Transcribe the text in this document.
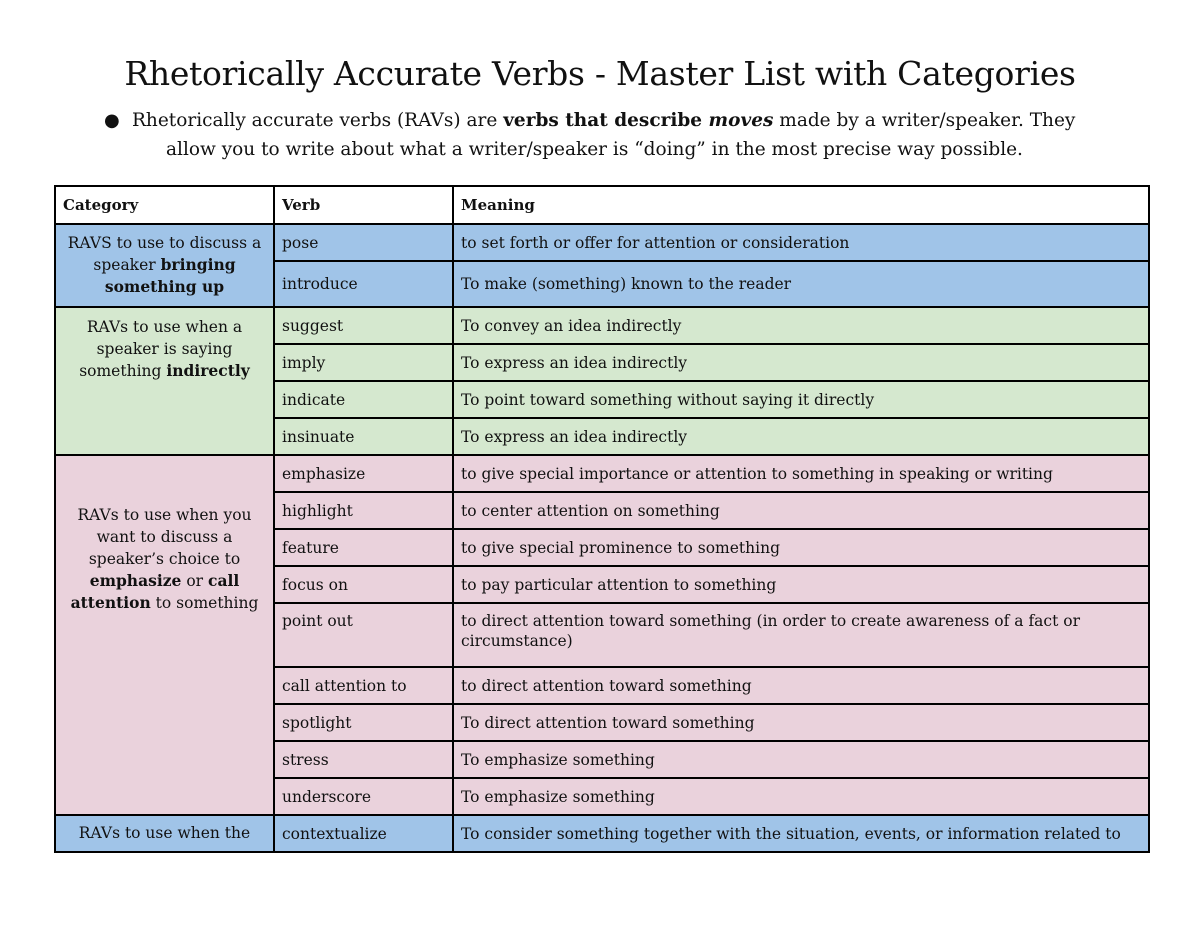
Rhetorically Accurate Verbs - Master List with Categories
● Rhetorically accurate verbs (RAVs) are verbs that describe moves made by a writer/speaker. They
allow you to write about what a writer/speaker is “doing” in the most precise way possible.
Category	Verb	Meaning
RAVS to use to discuss a speaker bringing something up	pose	to set forth or offer for attention or consideration
	introduce	To make (something) known to the reader
RAVs to use when a speaker is saying something indirectly	suggest	To convey an idea indirectly
	imply	To express an idea indirectly
	indicate	To point toward something without saying it directly
	insinuate	To express an idea indirectly
RAVs to use when you want to discuss a speaker’s choice to emphasize or call attention to something	emphasize	to give special importance or attention to something in speaking or writing
	highlight	to center attention on something
	feature	to give special prominence to something
	focus on	to pay particular attention to something
	point out	to direct attention toward something (in order to create awareness of a fact or circumstance)
	call attention to	to direct attention toward something
	spotlight	To direct attention toward something
	stress	To emphasize something
	underscore	To emphasize something
RAVs to use when the	contextualize	To consider something together with the situation, events, or information related to
